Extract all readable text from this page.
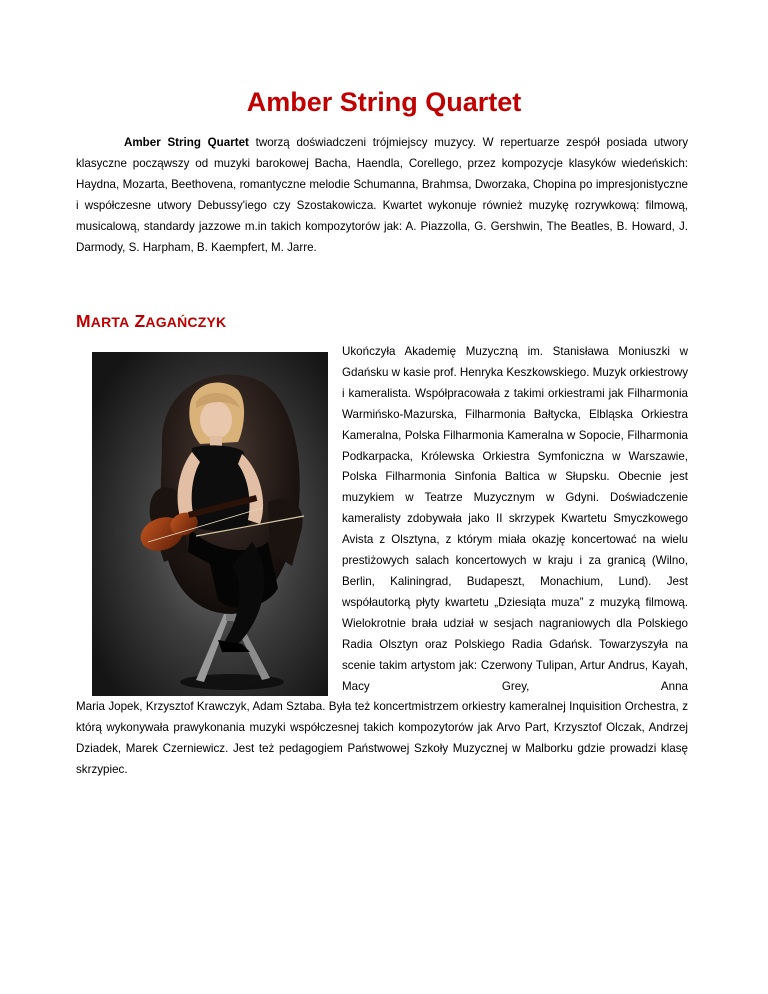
Amber String Quartet

Amber String Quartet tworzą doświadczeni trójmiejscy muzycy. W repertuarze zespół posiada utwory klasyczne począwszy od muzyki barokowej Bacha, Haendla, Corellego, przez kompozycje klasyków wiedeńskich: Haydna, Mozarta, Beethovena, romantyczne melodie Schumanna, Brahmsa, Dworzaka, Chopina po impresjonistyczne i współczesne utwory Debussy'iego czy Szostakowicza. Kwartet wykonuje również muzykę rozrywkową: filmową, musicalową, standardy jazzowe m.in takich kompozytorów jak: A. Piazzolla, G. Gershwin, The Beatles, B. Howard, J. Darmody, S. Harpham, B. Kaempfert, M. Jarre.

MARTA ZAGAŃCZYK

Ukończyła Akademię Muzyczną im. Stanisława Moniuszki w Gdańsku w kasie prof. Henryka Keszkowskiego. Muzyk orkiestrowy i kameralista. Współpracowała z takimi orkiestrami jak Filharmonia Warmińsko-Mazurska, Filharmonia Bałtycka, Elbląska Orkiestra Kameralna, Polska Filharmonia Kameralna w Sopocie, Filharmonia Podkarpacka, Królewska Orkiestra Symfoniczna w Warszawie, Polska Filharmonia Sinfonia Baltica w Słupsku. Obecnie jest muzykiem w Teatrze Muzycznym w Gdyni. Doświadczenie kameralisty zdobywała jako II skrzypek Kwartetu Smyczkowego Avista z Olsztyna, z którym miała okazję koncertować na wielu prestiżowych salach koncertowych w kraju i za granicą (Wilno, Berlin, Kaliningrad, Budapeszt, Monachium, Lund). Jest współautorką płyty kwartetu „Dziesiąta muza” z muzyką filmową. Wielokrotnie brała udział w sesjach nagraniowych dla Polskiego Radia Olsztyn oraz Polskiego Radia Gdańsk. Towarzyszyła na scenie takim artystom jak: Czerwony Tulipan, Artur Andrus, Kayah, Macy Grey, Anna

Maria Jopek, Krzysztof Krawczyk, Adam Sztaba. Była też koncertmistrzem orkiestry kameralnej Inquisition Orchestra, z którą wykonywała prawykonania muzyki współczesnej takich kompozytorów jak Arvo Part, Krzysztof Olczak, Andrzej Dziadek, Marek Czerniewicz. Jest też pedagogiem Państwowej Szkoły Muzycznej w Malborku gdzie prowadzi klasę skrzypiec.
